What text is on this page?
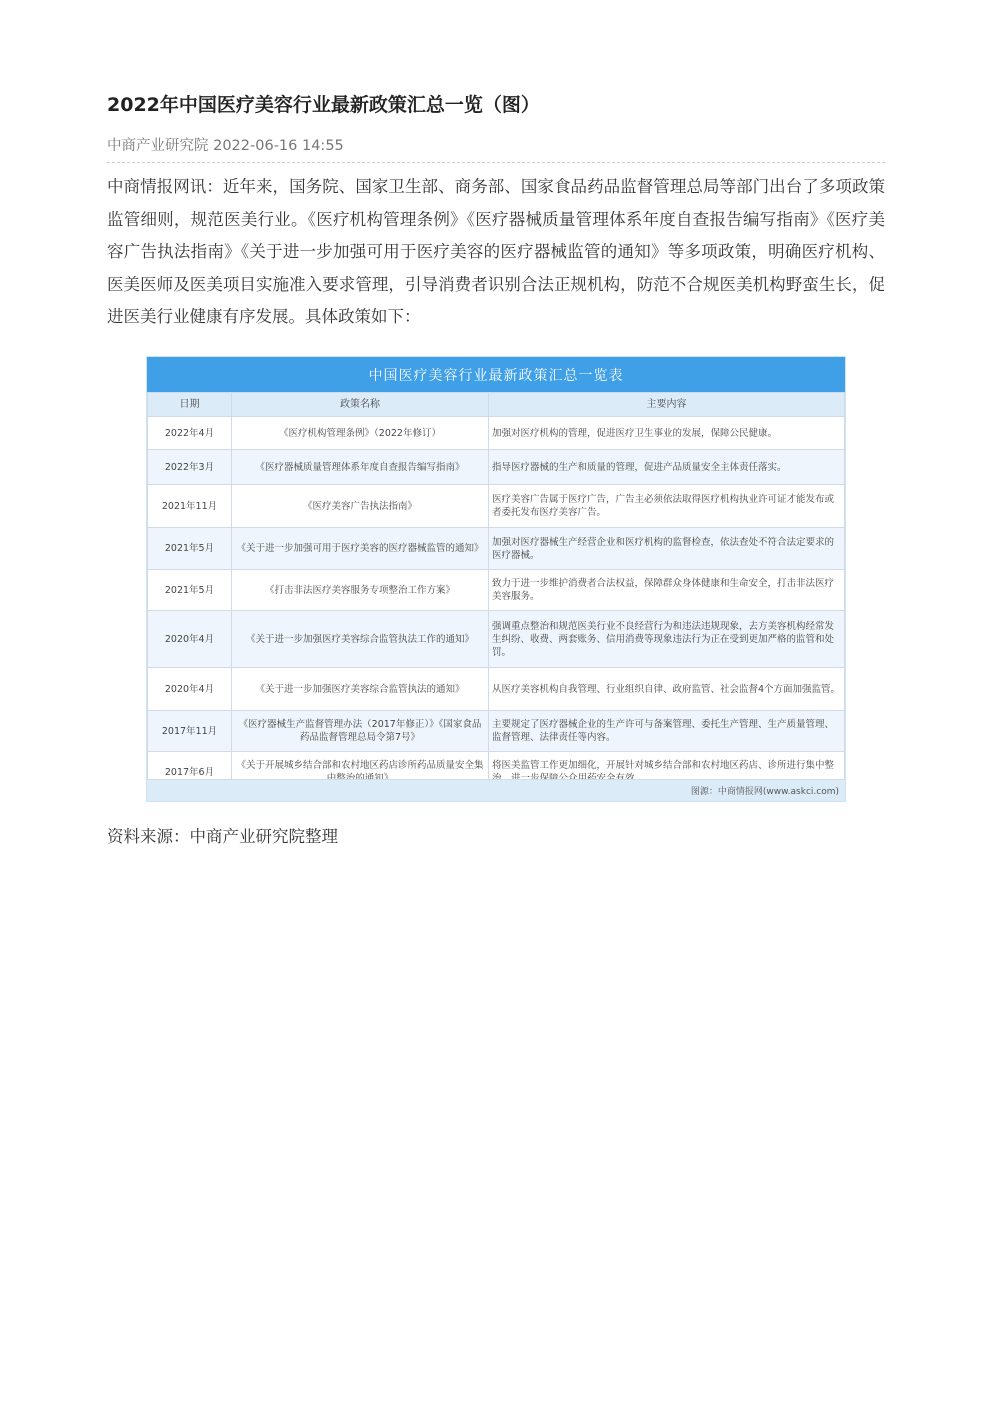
2022年中国医疗美容行业最新政策汇总一览（图）
中商产业研究院 2022-06-16 14:55

中商情报网讯：近年来，国务院、国家卫生部、商务部、国家食品药品监督管理总局等部门出台了多项政策监管细则，规范医美行业。《医疗机构管理条例》《医疗器械质量管理体系年度自查报告编写指南》《医疗美容广告执法指南》《关于进一步加强可用于医疗美容的医疗器械监管的通知》等多项政策，明确医疗机构、医美医师及医美项目实施准入要求管理，引导消费者识别合法正规机构，防范不合规医美机构野蛮生长，促进医美行业健康有序发展。具体政策如下：

中国医疗美容行业最新政策汇总一览表
日期	政策名称	主要内容
2022年4月	《医疗机构管理条例》（2022年修订）	加强对医疗机构的管理，促进医疗卫生事业的发展，保障公民健康。
2022年3月	《医疗器械质量管理体系年度自查报告编写指南》	指导医疗器械的生产和质量的管理，促进产品质量安全主体责任落实。
2021年11月	《医疗美容广告执法指南》	医疗美容广告属于医疗广告，广告主必须依法取得医疗机构执业许可证才能发布或者委托发布医疗美容广告。
2021年5月	《关于进一步加强可用于医疗美容的医疗器械监管的通知》	加强对医疗器械生产经营企业和医疗机构的监督检查，依法查处不符合法定要求的医疗器械。
2021年5月	《打击非法医疗美容服务专项整治工作方案》	致力于进一步维护消费者合法权益，保障群众身体健康和生命安全，打击非法医疗美容服务。
2020年4月	《关于进一步加强医疗美容综合监管执法工作的通知》	强调重点整治和规范医美行业不良经营行为和违法违规现象，去方美容机构经常发生纠纷、收费、两套账务、信用消费等现象违法行为正在受到更加严格的监管和处罚。
2020年4月	《关于进一步加强医疗美容综合监管执法的通知》	从医疗美容机构自我管理、行业组织自律、政府监管、社会监督4个方面加强监管。
2017年11月	《医疗器械生产监督管理办法（2017年修正）》《国家食品药品监督管理总局令第7号》	主要规定了医疗器械企业的生产许可与备案管理、委托生产管理、生产质量管理、监督管理、法律责任等内容。
2017年6月	《关于开展城乡结合部和农村地区药店诊所药品质量安全集	将医美监管工作更加细化，开展针对城乡结合部和农村地区药店、诊所进行集中整
图源：中商情报网(www.askci.com)
资料来源：中商产业研究院整理
